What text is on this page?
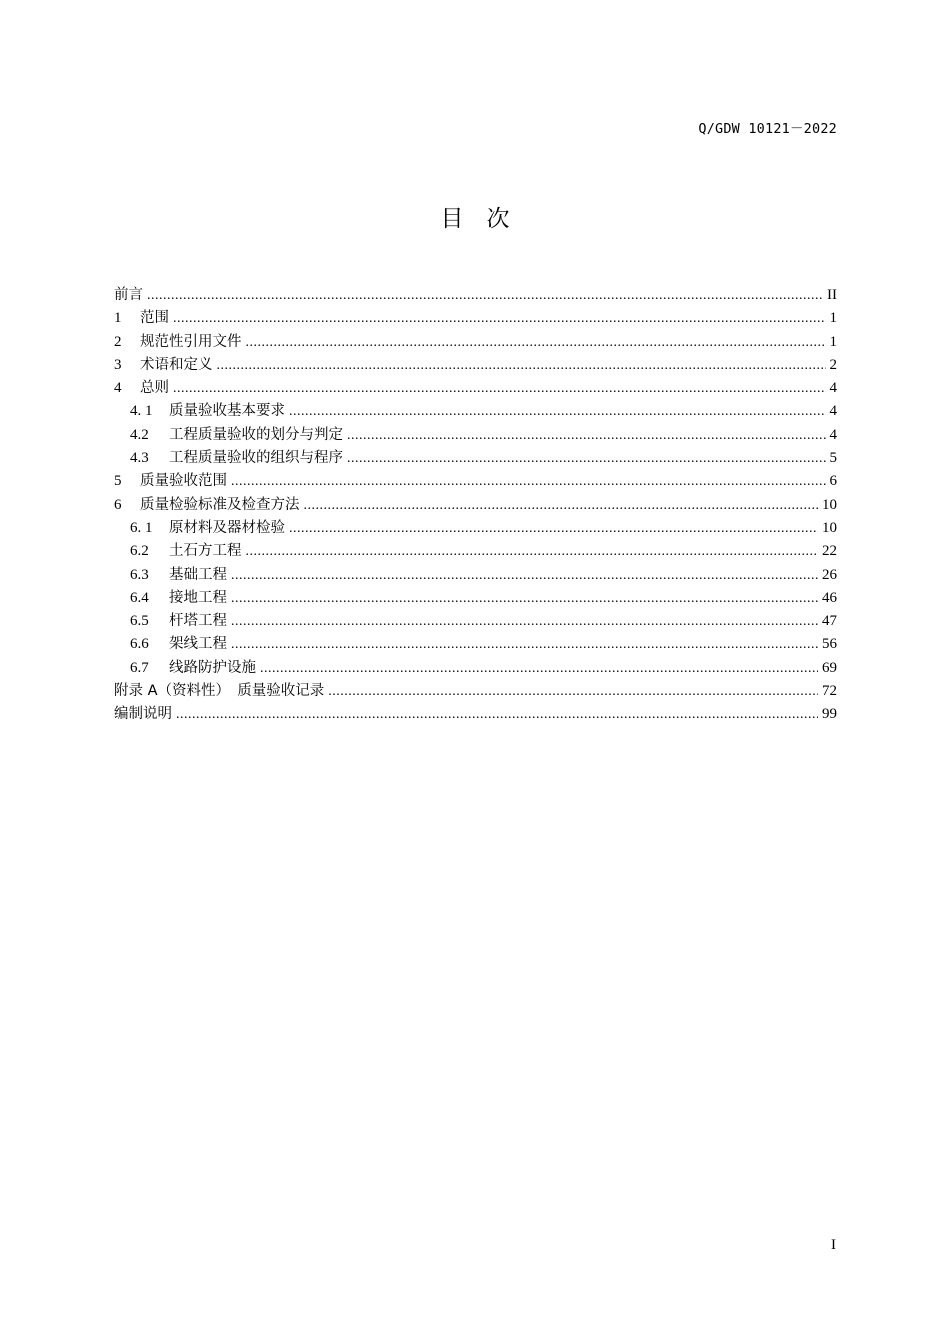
Q/GDW 10121－2022
目　次
前言 .....	II
1	范围 .....	1
2	规范性引用文件 .....	1
3	术语和定义 .....	2
4	总则 .....	4
4. 1	质量验收基本要求 .....	4
4.2	工程质量验收的划分与判定 .....	4
4.3	工程质量验收的组织与程序 .....	5
5	质量验收范围 .....	6
6	质量检验标准及检查方法 .....	10
6. 1	原材料及器材检验 .....	10
6.2	土石方工程 .....	22
6.3	基础工程 .....	26
6.4	接地工程 .....	46
6.5	杆塔工程 .....	47
6.6	架线工程 .....	56
6.7	线路防护设施 .....	69
附录 A（资料性）　质量验收记录 .....	72
编制说明 .....	99
I
